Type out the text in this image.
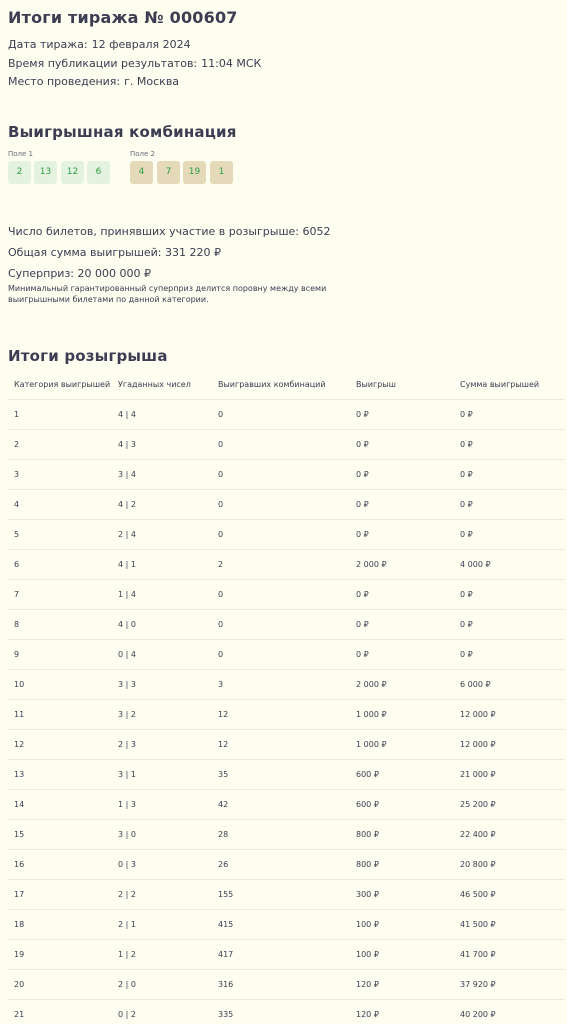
Итоги тиража № 000607
Дата тиража: 12 февраля 2024
Время публикации результатов: 11:04 МСК
Место проведения: г. Москва
Выигрышная комбинация
Поле 1
2	13	12	6
Поле 2
4	7	19	1
Число билетов, принявших участие в розыгрыше: 6052
Общая сумма выигрышей: 331 220 ₽
Суперприз: 20 000 000 ₽
Минимальный гарантированный суперприз делится поровну между всеми выигрышными билетами по данной категории.
Итоги розыгрыша
Категория выигрышей	Угаданных чисел	Выигравших комбинаций	Выигрыш	Сумма выигрышей
1	4 | 4	0	0 ₽	0 ₽
2	4 | 3	0	0 ₽	0 ₽
3	3 | 4	0	0 ₽	0 ₽
4	4 | 2	0	0 ₽	0 ₽
5	2 | 4	0	0 ₽	0 ₽
6	4 | 1	2	2 000 ₽	4 000 ₽
7	1 | 4	0	0 ₽	0 ₽
8	4 | 0	0	0 ₽	0 ₽
9	0 | 4	0	0 ₽	0 ₽
10	3 | 3	3	2 000 ₽	6 000 ₽
11	3 | 2	12	1 000 ₽	12 000 ₽
12	2 | 3	12	1 000 ₽	12 000 ₽
13	3 | 1	35	600 ₽	21 000 ₽
14	1 | 3	42	600 ₽	25 200 ₽
15	3 | 0	28	800 ₽	22 400 ₽
16	0 | 3	26	800 ₽	20 800 ₽
17	2 | 2	155	300 ₽	46 500 ₽
18	2 | 1	415	100 ₽	41 500 ₽
19	1 | 2	417	100 ₽	41 700 ₽
20	2 | 0	316	120 ₽	37 920 ₽
21	0 | 2	335	120 ₽	40 200 ₽
